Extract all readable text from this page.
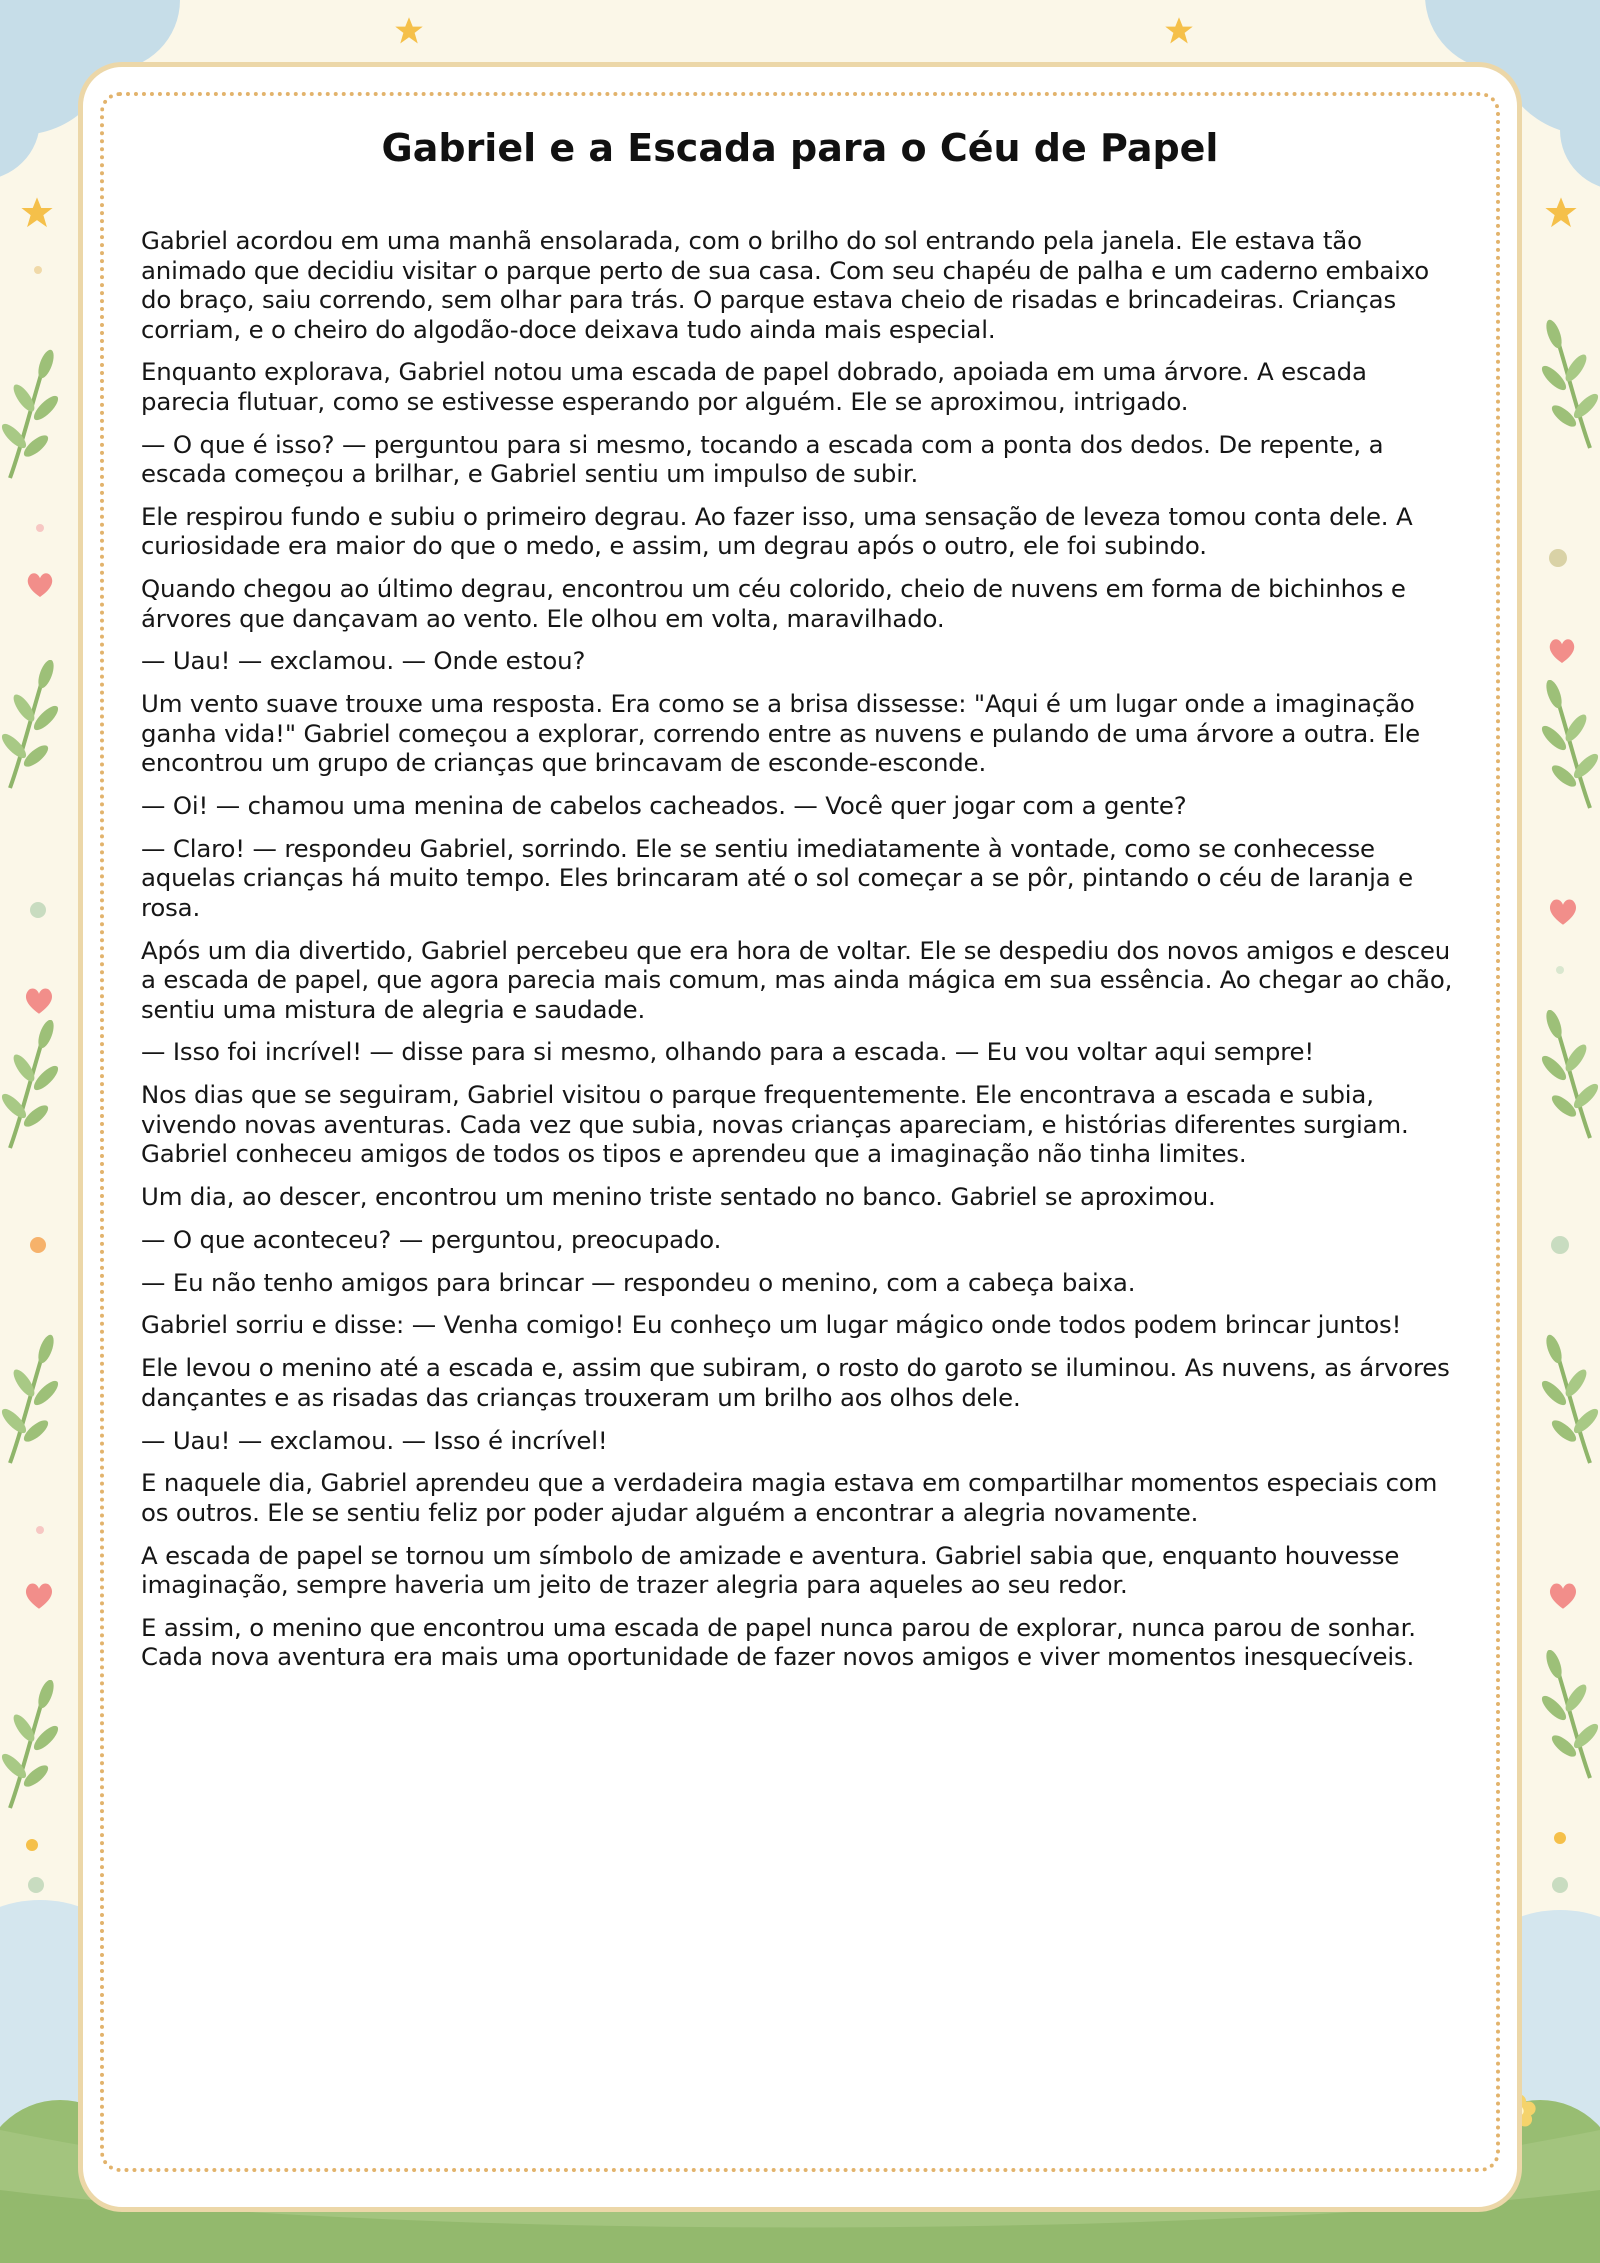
Gabriel e a Escada para o Céu de Papel

Gabriel acordou em uma manhã ensolarada, com o brilho do sol entrando pela janela. Ele estava tão animado que decidiu visitar o parque perto de sua casa. Com seu chapéu de palha e um caderno embaixo do braço, saiu correndo, sem olhar para trás. O parque estava cheio de risadas e brincadeiras. Crianças corriam, e o cheiro do algodão-doce deixava tudo ainda mais especial.

Enquanto explorava, Gabriel notou uma escada de papel dobrado, apoiada em uma árvore. A escada parecia flutuar, como se estivesse esperando por alguém. Ele se aproximou, intrigado.

— O que é isso? — perguntou para si mesmo, tocando a escada com a ponta dos dedos. De repente, a escada começou a brilhar, e Gabriel sentiu um impulso de subir.

Ele respirou fundo e subiu o primeiro degrau. Ao fazer isso, uma sensação de leveza tomou conta dele. A curiosidade era maior do que o medo, e assim, um degrau após o outro, ele foi subindo.

Quando chegou ao último degrau, encontrou um céu colorido, cheio de nuvens em forma de bichinhos e árvores que dançavam ao vento. Ele olhou em volta, maravilhado.

— Uau! — exclamou. — Onde estou?

Um vento suave trouxe uma resposta. Era como se a brisa dissesse: "Aqui é um lugar onde a imaginação ganha vida!" Gabriel começou a explorar, correndo entre as nuvens e pulando de uma árvore a outra. Ele encontrou um grupo de crianças que brincavam de esconde-esconde.

— Oi! — chamou uma menina de cabelos cacheados. — Você quer jogar com a gente?

— Claro! — respondeu Gabriel, sorrindo. Ele se sentiu imediatamente à vontade, como se conhecesse aquelas crianças há muito tempo. Eles brincaram até o sol começar a se pôr, pintando o céu de laranja e rosa.

Após um dia divertido, Gabriel percebeu que era hora de voltar. Ele se despediu dos novos amigos e desceu a escada de papel, que agora parecia mais comum, mas ainda mágica em sua essência. Ao chegar ao chão, sentiu uma mistura de alegria e saudade.

— Isso foi incrível! — disse para si mesmo, olhando para a escada. — Eu vou voltar aqui sempre!

Nos dias que se seguiram, Gabriel visitou o parque frequentemente. Ele encontrava a escada e subia, vivendo novas aventuras. Cada vez que subia, novas crianças apareciam, e histórias diferentes surgiam. Gabriel conheceu amigos de todos os tipos e aprendeu que a imaginação não tinha limites.

Um dia, ao descer, encontrou um menino triste sentado no banco. Gabriel se aproximou.

— O que aconteceu? — perguntou, preocupado.

— Eu não tenho amigos para brincar — respondeu o menino, com a cabeça baixa.

Gabriel sorriu e disse: — Venha comigo! Eu conheço um lugar mágico onde todos podem brincar juntos!

Ele levou o menino até a escada e, assim que subiram, o rosto do garoto se iluminou. As nuvens, as árvores dançantes e as risadas das crianças trouxeram um brilho aos olhos dele.

— Uau! — exclamou. — Isso é incrível!

E naquele dia, Gabriel aprendeu que a verdadeira magia estava em compartilhar momentos especiais com os outros. Ele se sentiu feliz por poder ajudar alguém a encontrar a alegria novamente.

A escada de papel se tornou um símbolo de amizade e aventura. Gabriel sabia que, enquanto houvesse imaginação, sempre haveria um jeito de trazer alegria para aqueles ao seu redor.

E assim, o menino que encontrou uma escada de papel nunca parou de explorar, nunca parou de sonhar. Cada nova aventura era mais uma oportunidade de fazer novos amigos e viver momentos inesquecíveis.
